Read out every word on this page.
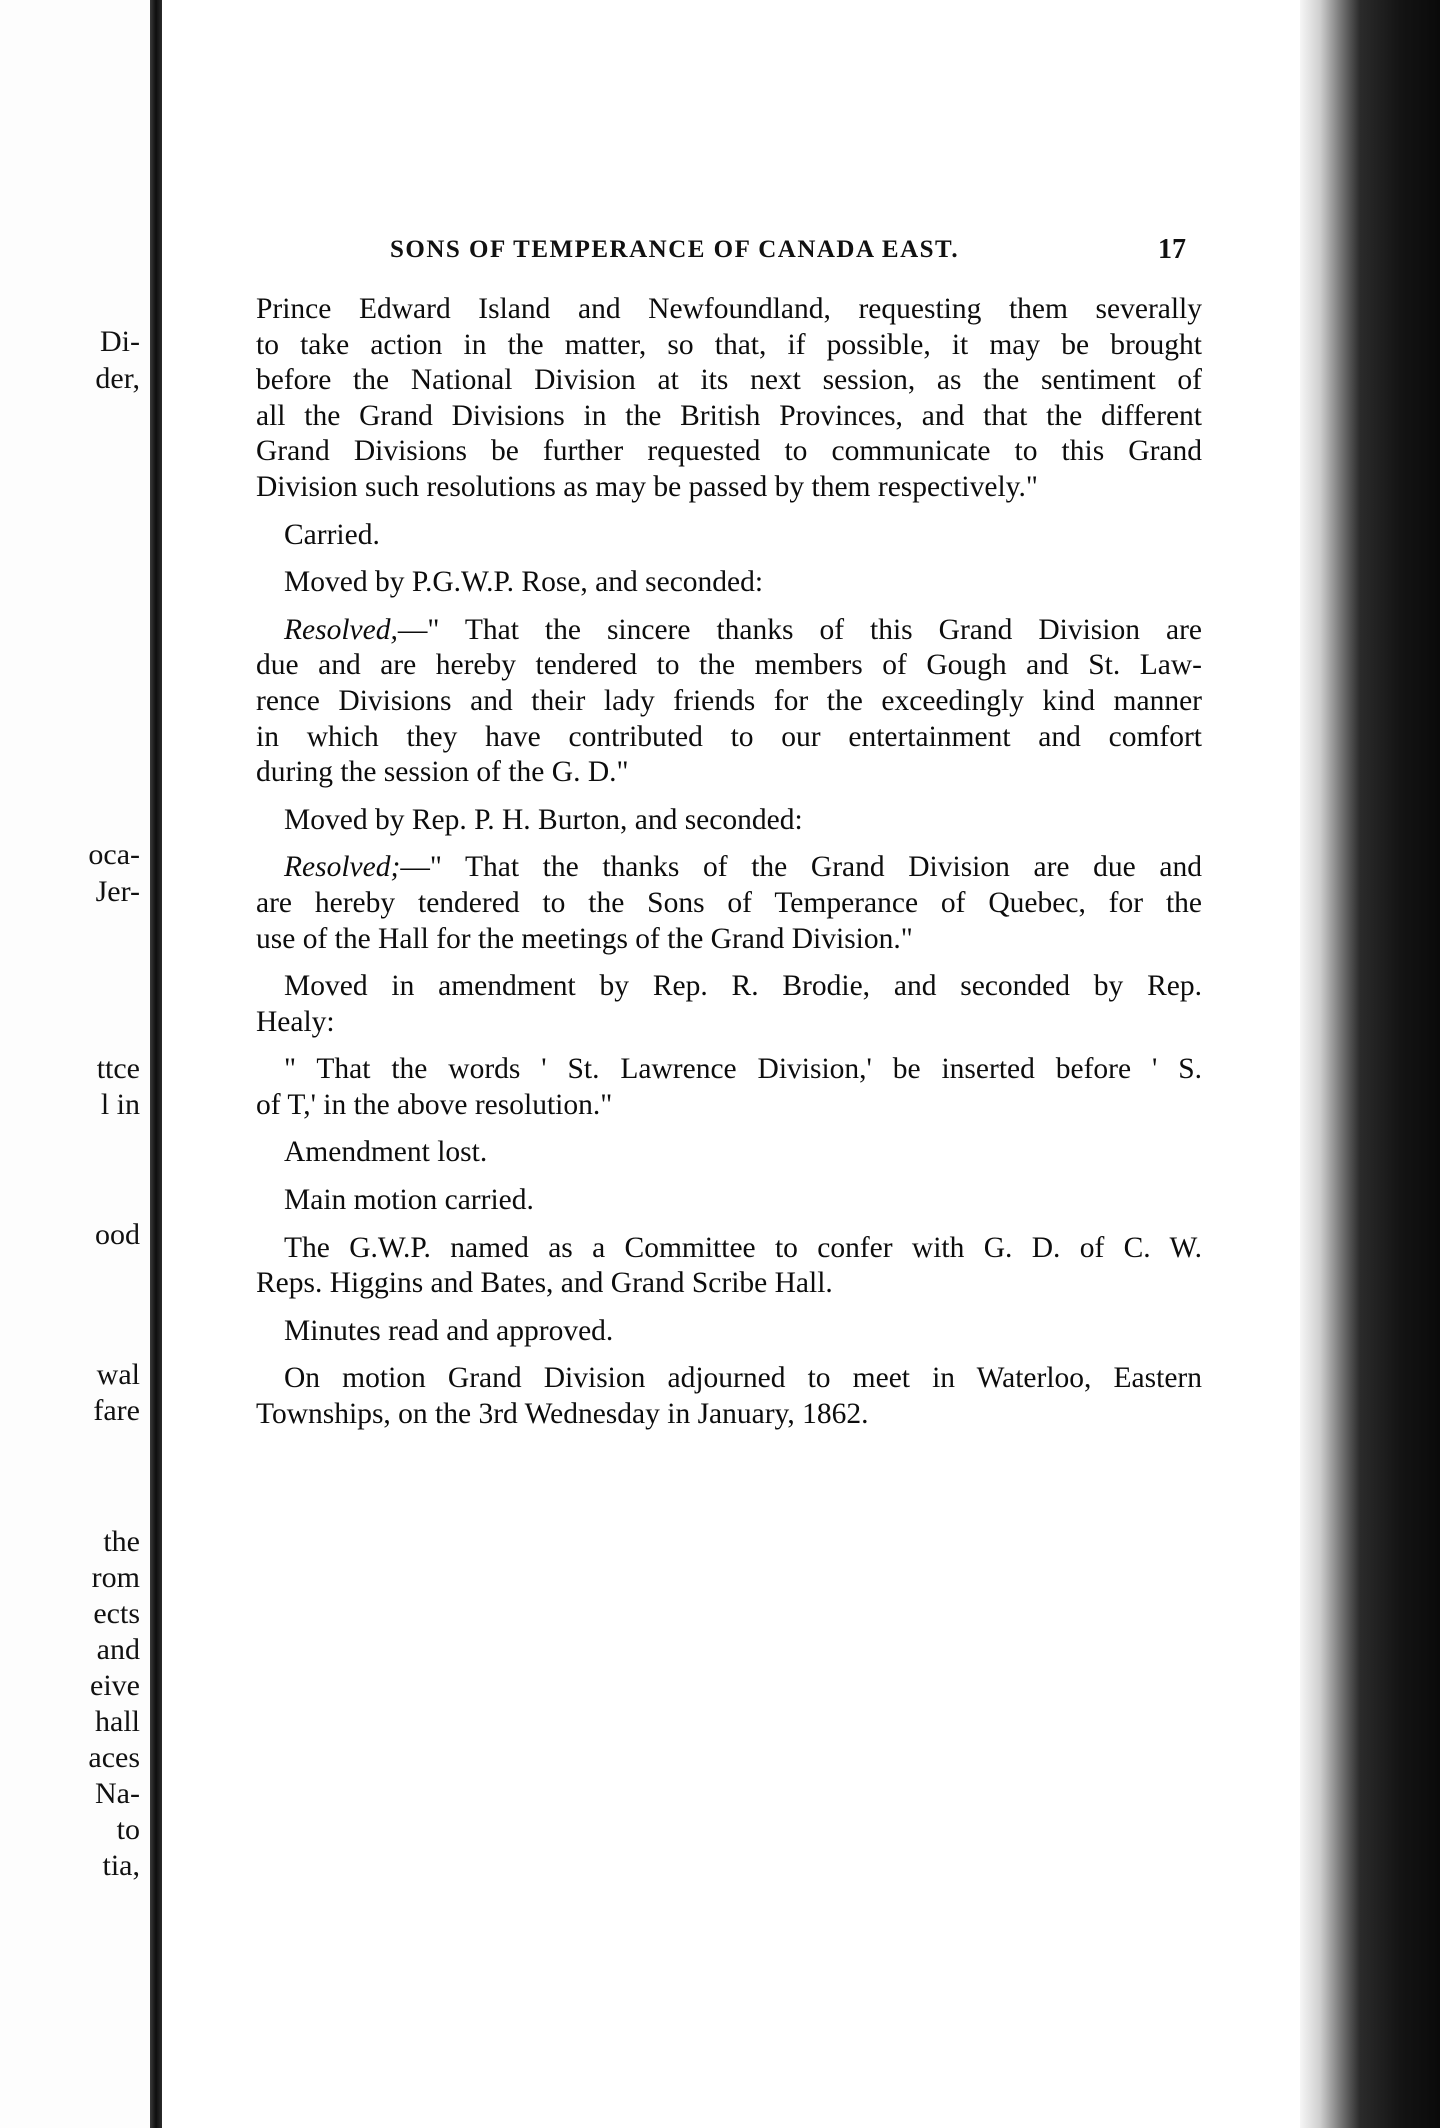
Di-
der,
oca-
Jer-
ttce
l in
ood
wal
fare
the
rom
ects
and
eive
hall
aces
Na-
to
tia,
SONS OF TEMPERANCE OF CANADA EAST.	17

Prince Edward Island and Newfoundland, requesting them severally

to take action in the matter, so that, if possible, it may be brought

before the National Division at its next session, as the sentiment of

all the Grand Divisions in the British Provinces, and that the different

Grand Divisions be further requested to communicate to this Grand

Division such resolutions as may be passed by them respectively."

Carried.

Moved by P.G.W.P. Rose, and seconded:

Resolved,—" That the sincere thanks of this Grand Division are

due and are hereby tendered to the members of Gough and St. Law-

rence Divisions and their lady friends for the exceedingly kind manner

in which they have contributed to our entertainment and comfort

during the session of the G. D."

Moved by Rep. P. H. Burton, and seconded:

Resolved;—" That the thanks of the Grand Division are due and

are hereby tendered to the Sons of Temperance of Quebec, for the

use of the Hall for the meetings of the Grand Division."

Moved in amendment by Rep. R. Brodie, and seconded by Rep.

Healy:

" That the words ' St. Lawrence Division,' be inserted before ' S.

of T,' in the above resolution."

Amendment lost.

Main motion carried.

The G.W.P. named as a Committee to confer with G. D. of C. W.

Reps. Higgins and Bates, and Grand Scribe Hall.

Minutes read and approved.

On motion Grand Division adjourned to meet in Waterloo, Eastern

Townships, on the 3rd Wednesday in January, 1862.
